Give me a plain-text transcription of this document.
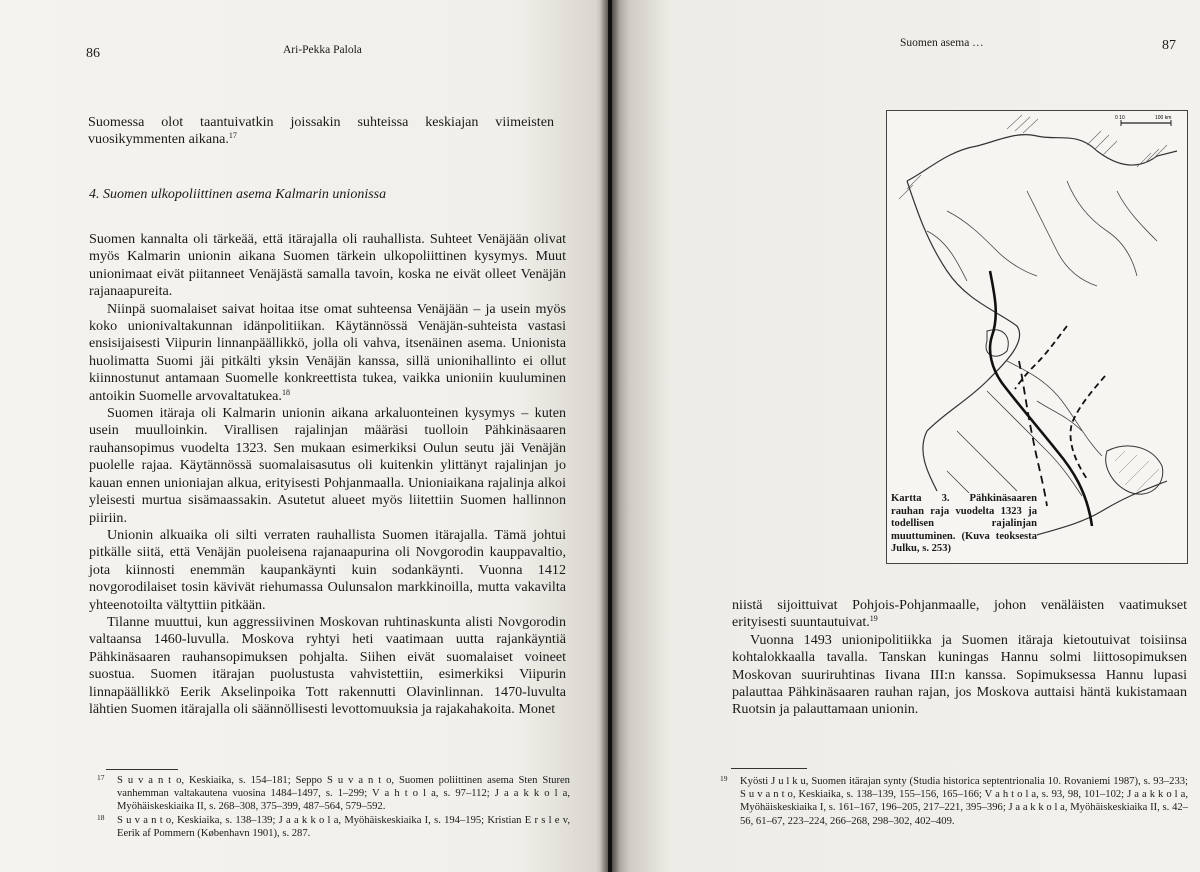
86	Ari-Pekka Palola

Suomessa olot taantuivatkin joissakin suhteissa keskiajan viimeisten vuosikymmenten aikana.$^{17}$

4. Suomen ulkopoliittinen asema Kalmarin unionissa

Suomen kannalta oli tärkeää, että itärajalla oli rauhallista. Suhteet Venäjään olivat myös Kalmarin unionin aikana Suomen tärkein ulkopoliittinen kysymys. Muut unionimaat eivät piitanneet Venäjästä samalla tavoin, koska ne eivät olleet Venäjän rajanaapureita.

Niinpä suomalaiset saivat hoitaa itse omat suhteensa Venäjään – ja usein myös koko unionivaltakunnan idänpolitiikan. Käytännössä Venäjän-suhteista vastasi ensisijaisesti Viipurin linnanpäällikkö, jolla oli vahva, itsenäinen asema. Unionista huolimatta Suomi jäi pitkälti yksin Venäjän kanssa, sillä unionihallinto ei ollut kiinnostunut antamaan Suomelle konkreettista tukea, vaikka unioniin kuuluminen antoikin Suomelle arvovaltatukea.$^{18}$

Suomen itäraja oli Kalmarin unionin aikana arkaluonteinen kysymys – kuten usein muulloinkin. Virallisen rajalinjan määräsi tuolloin Pähkinäsaaren rauhansopimus vuodelta 1323. Sen mukaan esimerkiksi Oulun seutu jäi Venäjän puolelle rajaa. Käytännössä suomalaisasutus oli kuitenkin ylittänyt rajalinjan jo kauan ennen unioniajan alkua, erityisesti Pohjanmaalla. Unioniaikana rajalinja alkoi yleisesti murtua sisämaassakin. Asutetut alueet myös liitettiin Suomen hallinnon piiriin.

Unionin alkuaika oli silti verraten rauhallista Suomen itärajalla. Tämä johtui pitkälle siitä, että Venäjän puoleisena rajanaapurina oli Novgorodin kauppavaltio, jota kiinnosti enemmän kaupankäynti kuin sodankäynti. Vuonna 1412 novgorodilaiset tosin kävivät riehumassa Oulunsalon markkinoilla, mutta vakavilta yhteenotoilta vältyttiin pitkään.

Tilanne muuttui, kun aggressiivinen Moskovan ruhtinaskunta alisti Novgorodin valtaansa 1460-luvulla. Moskova ryhtyi heti vaatimaan uutta rajankäyntiä Pähkinäsaaren rauhansopimuksen pohjalta. Siihen eivät suomalaiset voineet suostua. Suomen itärajan puolustusta vahvistettiin, esimerkiksi Viipurin linnapäällikkö Eerik Akselinpoika Tott rakennutti Olavinlinnan. 1470-luvulta lähtien Suomen itärajalla oli säännöllisesti levottomuuksia ja rajakahakoita. Monet

17 S u v a n t o, Keskiaika, s. 154–181; Seppo S u v a n t o, Suomen poliittinen asema Sten Sturen vanhemman valtakautena vuosina 1484–1497, s. 1–299; V a h t o l a, s. 97–112; J a a k k o l a, Myöhäiskeskiaika II, s. 268–308, 375–399, 487–564, 579–592.

18 S u v a n t o, Keskiaika, s. 138–139; J a a k k o l a, Myöhäiskeskiaika I, s. 194–195; Kristian E r s l e v, Eerik af Pommern (København 1901), s. 287.

Suomen asema …	87
0 10	100 km
Kartta 3. Pähkinäsaaren rauhan raja vuodelta 1323 ja todellisen rajalinjan muuttuminen. (Kuva teoksesta Julku, s. 253)

niistä sijoittuivat Pohjois-Pohjanmaalle, johon venäläisten vaatimukset erityisesti suuntautuivat.$^{19}$

Vuonna 1493 unionipolitiikka ja Suomen itäraja kietoutuivat toisiinsa kohtalokkaalla tavalla. Tanskan kuningas Hannu solmi liittosopimuksen Moskovan suuriruhtinas Iivana III:n kanssa. Sopimuksessa Hannu lupasi palauttaa Pähkinäsaaren rauhan rajan, jos Moskova auttaisi häntä kukistamaan Ruotsin ja palauttamaan unionin.

19 Kyösti J u l k u, Suomen itärajan synty (Studia historica septentrionalia 10. Rovaniemi 1987), s. 93–233; S u v a n t o, Keskiaika, s. 138–139, 155–156, 165–166; V a h t o l a, s. 93, 98, 101–102; J a a k k o l a, Myöhäiskeskiaika I, s. 161–167, 196–205, 217–221, 395–396; J a a k k o l a, Myöhäiskeskiaika II, s. 42–56, 61–67, 223–224, 266–268, 298–302, 402–409.
